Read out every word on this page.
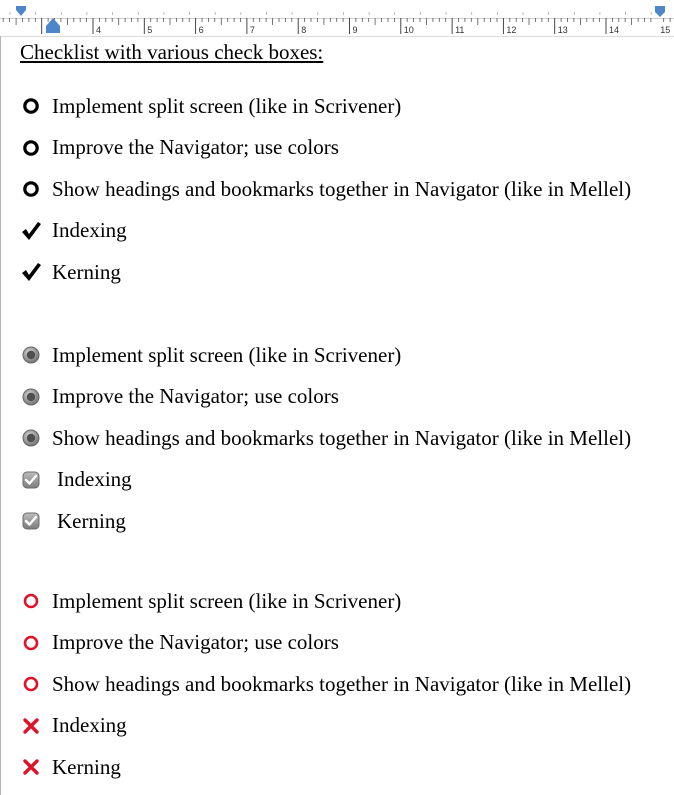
4	5	6	7	8	9	10	11	12	13	14	15
Checklist with various check boxes:
Implement split screen (like in Scrivener)
Improve the Navigator; use colors
Show headings and bookmarks together in Navigator (like in Mellel)
Indexing
Kerning
Implement split screen (like in Scrivener)
Improve the Navigator; use colors
Show headings and bookmarks together in Navigator (like in Mellel)
Indexing
Kerning
Implement split screen (like in Scrivener)
Improve the Navigator; use colors
Show headings and bookmarks together in Navigator (like in Mellel)
Indexing
Kerning
